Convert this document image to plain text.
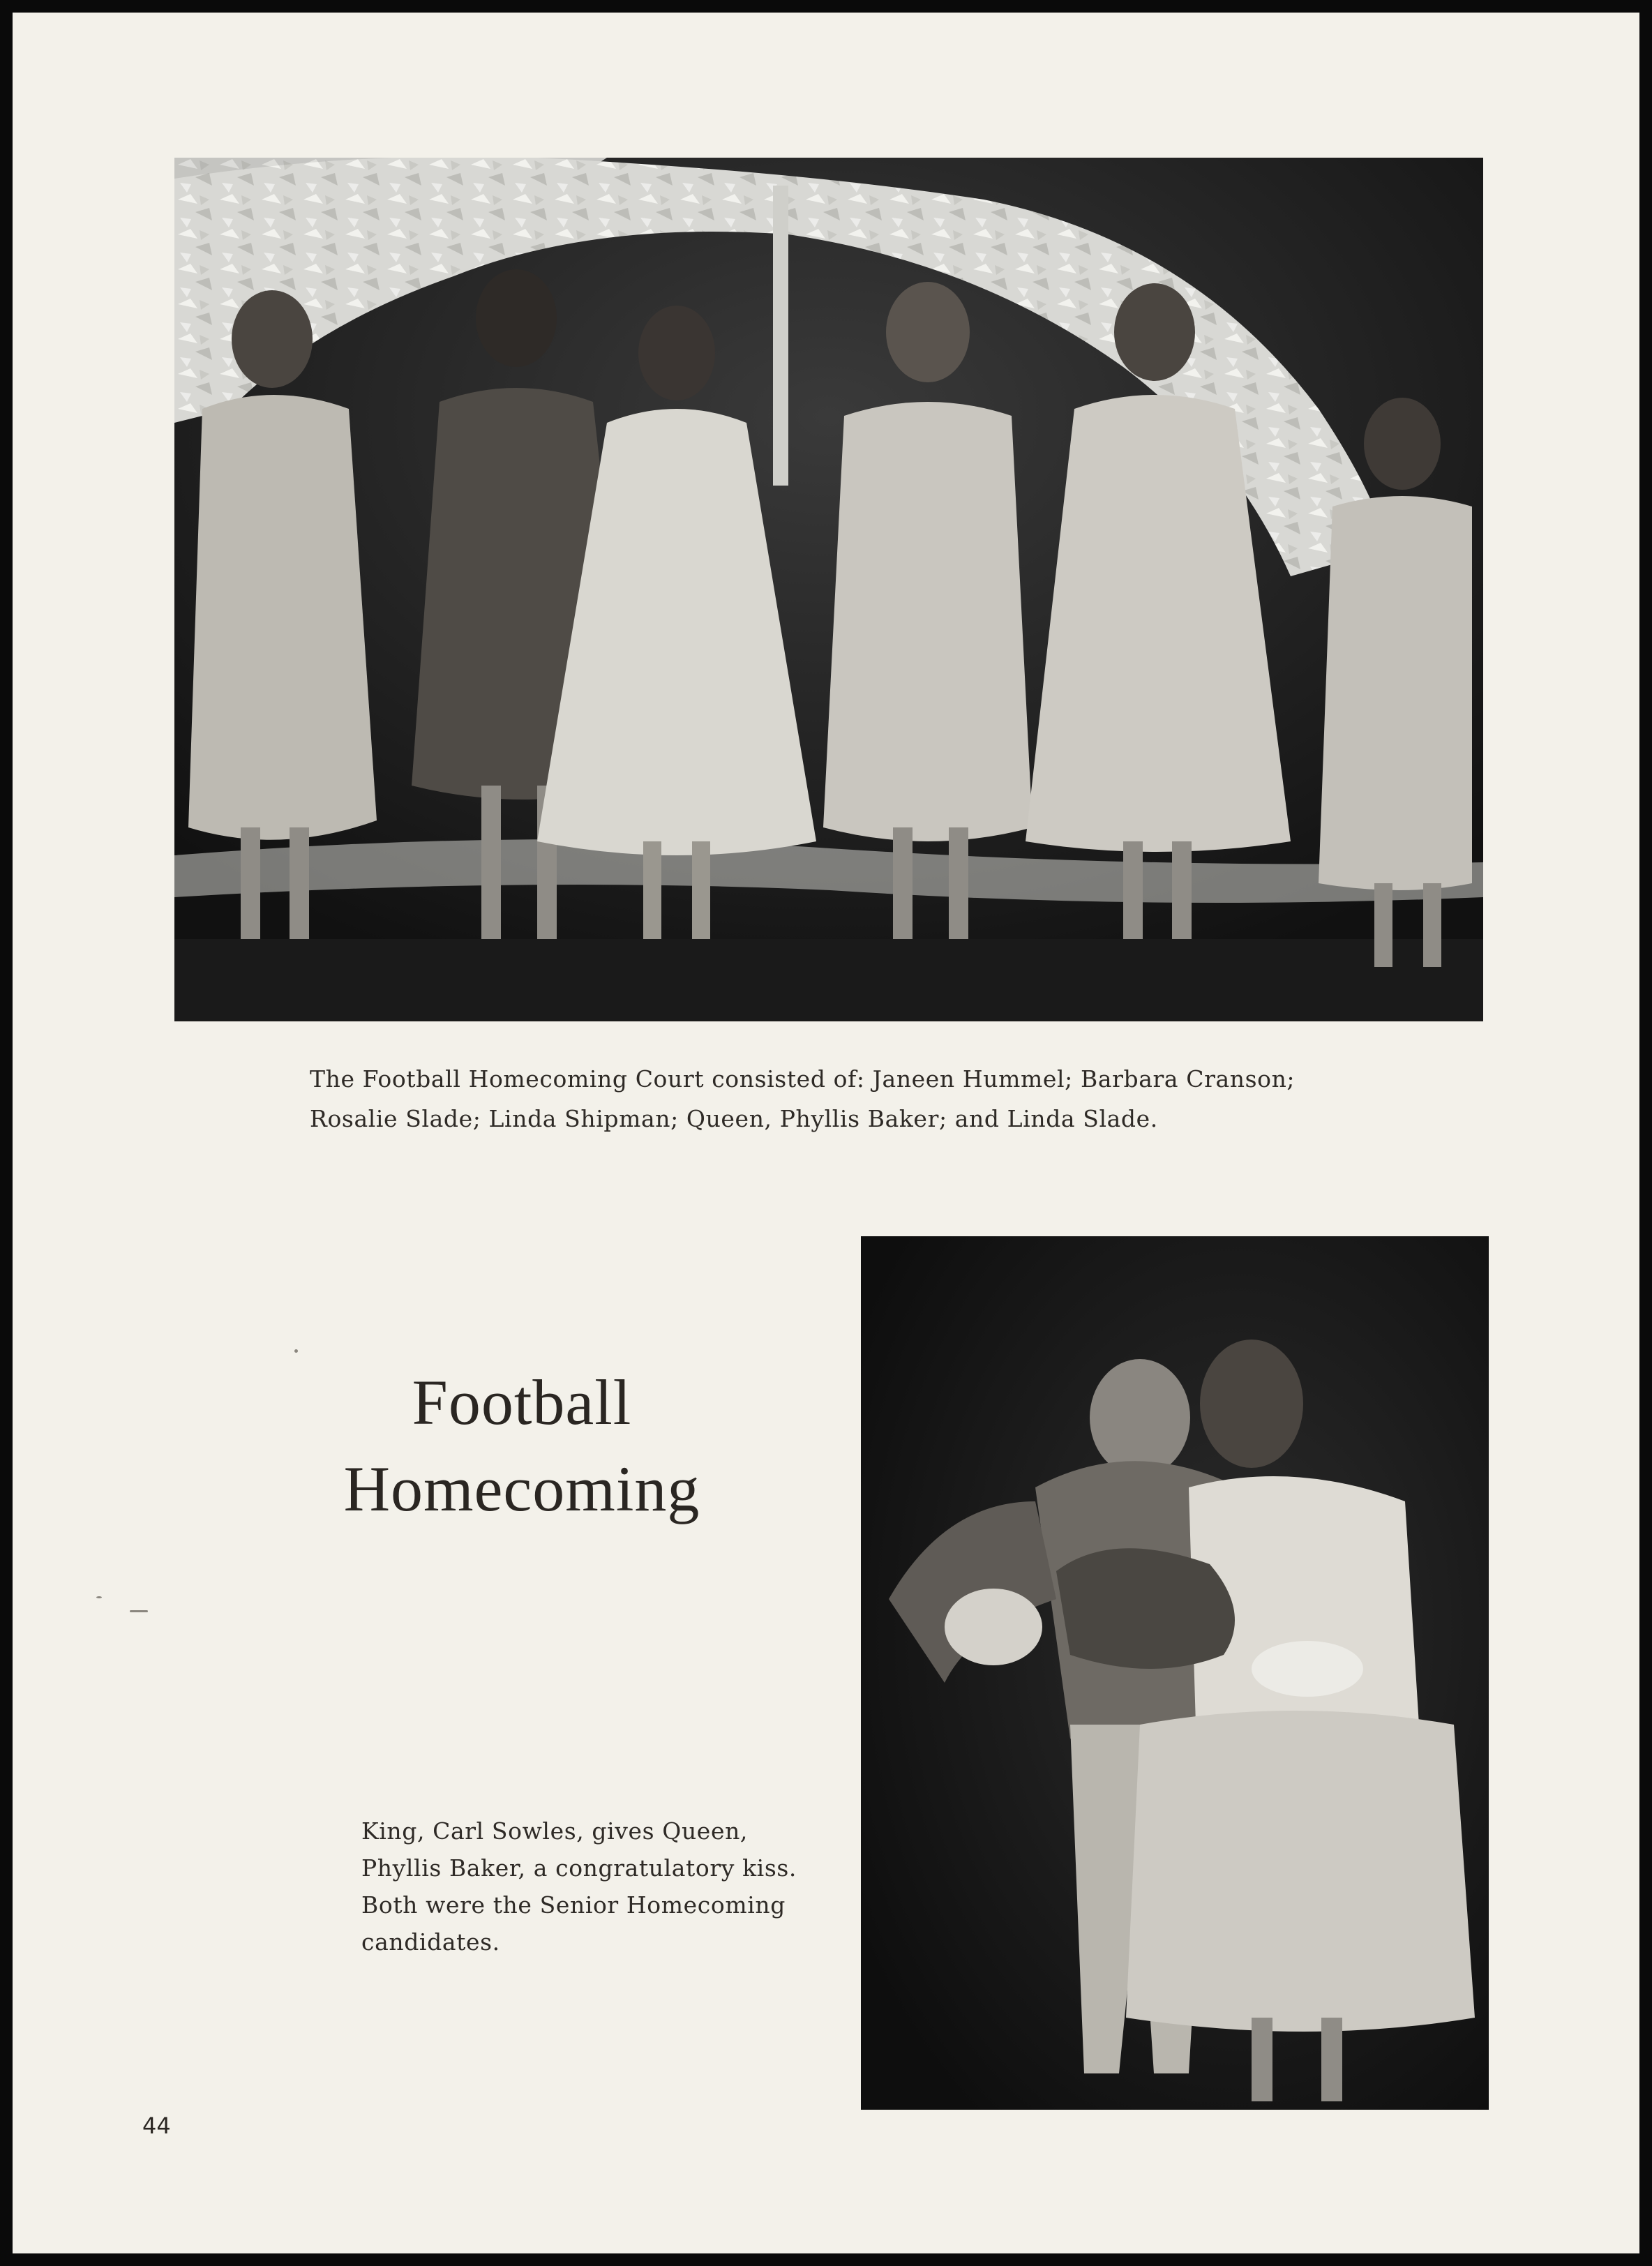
The Football Homecoming Court consisted of: Janeen Hummel; Barbara Cranson;
Rosalie Slade; Linda Shipman; Queen, Phyllis Baker; and Linda Slade.
Football
Homecoming
King, Carl Sowles, gives Queen,
Phyllis Baker, a congratulatory kiss.
Both were the Senior Homecoming
candidates.
44
